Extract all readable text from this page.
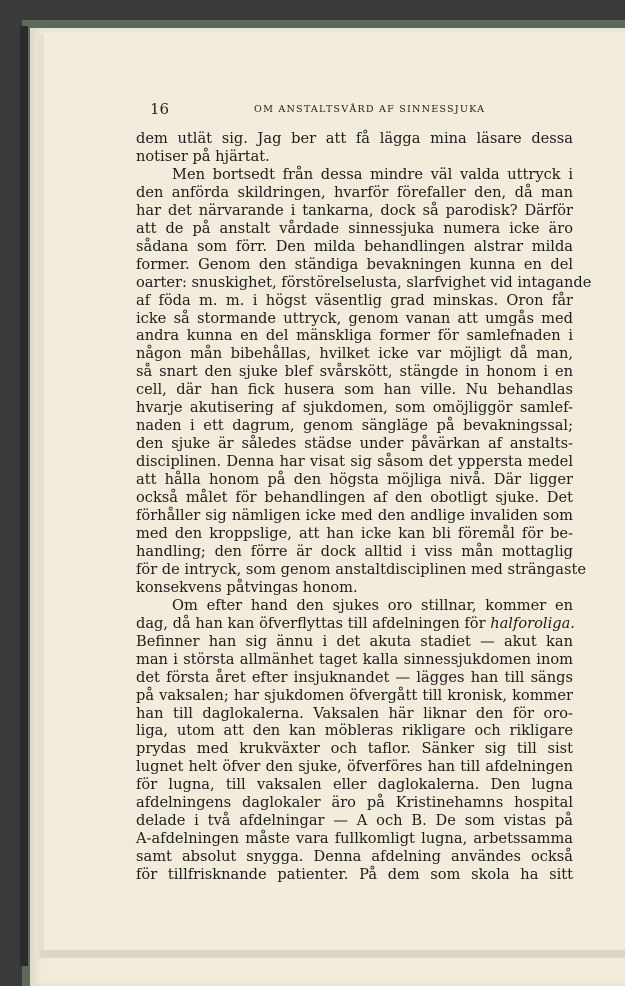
16	OM ANSTALTSVÅRD AF SINNESSJUKA
dem utlät sig. Jag ber att få lägga mina läsare dessa
notiser på hjärtat.
Men bortsedt från dessa mindre väl valda uttryck i
den anförda skildringen, hvarför förefaller den, då man
har det närvarande i tankarna, dock så parodisk? Därför
att de på anstalt vårdade sinnessjuka numera icke äro
sådana som förr. Den milda behandlingen alstrar milda
former. Genom den ständiga bevakningen kunna en del
oarter: snuskighet, förstörelselusta, slarfvighet vid intagande
af föda m. m. i högst väsentlig grad minskas. Oron får
icke så stormande uttryck, genom vanan att umgås med
andra kunna en del mänskliga former för samlefnaden i
någon mån bibehållas, hvilket icke var möjligt då man,
så snart den sjuke blef svårskött, stängde in honom i en
cell, där han fick husera som han ville. Nu behandlas
hvarje akutisering af sjukdomen, som omöjliggör samlef-
naden i ett dagrum, genom sängläge på bevakningssal;
den sjuke är således städse under påvärkan af anstalts-
disciplinen. Denna har visat sig såsom det yppersta medel
att hålla honom på den högsta möjliga nivå. Där ligger
också målet för behandlingen af den obotligt sjuke. Det
förhåller sig nämligen icke med den andlige invaliden som
med den kroppslige, att han icke kan bli föremål för be-
handling; den förre är dock alltid i viss mån mottaglig
för de intryck, som genom anstaltdisciplinen med strängaste
konsekvens påtvingas honom.
Om efter hand den sjukes oro stillnar, kommer en
dag, då han kan öfverflyttas till afdelningen för halforoliga.
Befinner han sig ännu i det akuta stadiet — akut kan
man i största allmänhet taget kalla sinnessjukdomen inom
det första året efter insjuknandet — lägges han till sängs
på vaksalen; har sjukdomen öfvergått till kronisk, kommer
han till daglokalerna. Vaksalen här liknar den för oro-
liga, utom att den kan möbleras rikligare och rikligare
prydas med krukväxter och taflor. Sänker sig till sist
lugnet helt öfver den sjuke, öfverföres han till afdelningen
för lugna, till vaksalen eller daglokalerna. Den lugna
afdelningens daglokaler äro på Kristinehamns hospital
delade i två afdelningar — A och B. De som vistas på
A-afdelningen måste vara fullkomligt lugna, arbetssamma
samt absolut snygga. Denna afdelning användes också
för tillfrisknande patienter. På dem som skola ha sitt
